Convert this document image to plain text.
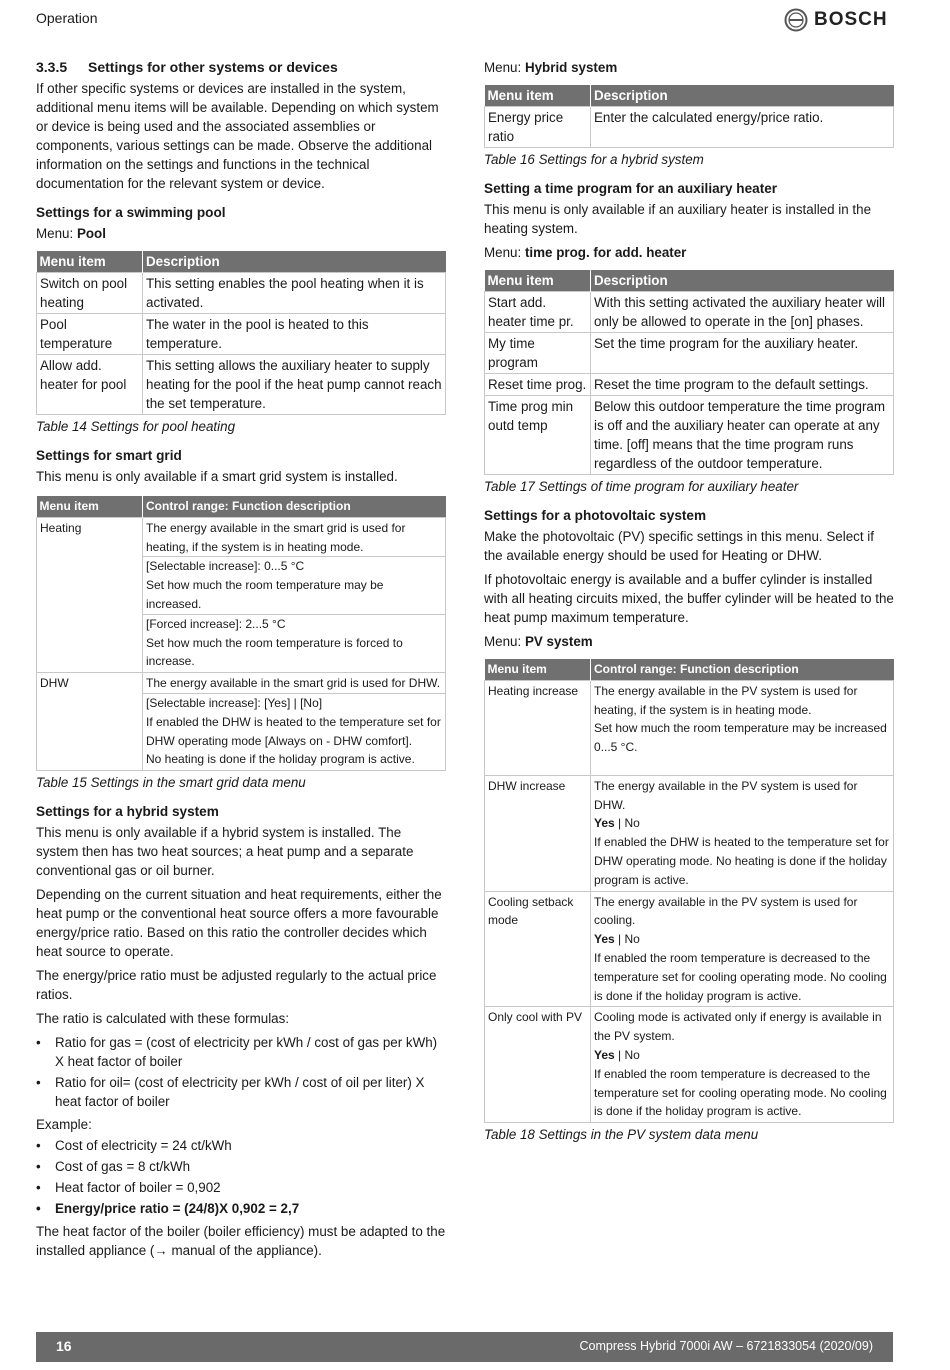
Operation	BOSCH
3.3.5 Settings for other systems or devices

If other specific systems or devices are installed in the system, additional menu items will be available. Depending on which system or device is being used and the associated assemblies or components, various settings can be made. Observe the additional information on the settings and functions in the technical documentation for the relevant system or device.

Settings for a swimming pool

Menu: Pool

Menu item	Description
Switch on pool heating	This setting enables the pool heating when it is activated.
Pool temperature	The water in the pool is heated to this temperature.
Allow add. heater for pool	This setting allows the auxiliary heater to supply heating for the pool if the heat pump cannot reach the set temperature.
Table 14 Settings for pool heating
Settings for smart grid

This menu is only available if a smart grid system is installed.

Menu item	Control range: Function description
Heating	The energy available in the smart grid is used for heating, if the system is in heating mode.
[Selectable increase]: 0...5 °C
Set how much the room temperature may be increased.
[Forced increase]: 2...5 °C
Set how much the room temperature is forced to increase.

DHW	The energy available in the smart grid is used for DHW.
[Selectable increase]: [Yes] | [No]
If enabled the DHW is heated to the temperature set for DHW operating mode [Always on - DHW comfort].
No heating is done if the holiday program is active.
Table 15 Settings in the smart grid data menu
Settings for a hybrid system

This menu is only available if a hybrid system is installed. The system then has two heat sources; a heat pump and a separate conventional gas or oil burner.

Depending on the current situation and heat requirements, either the heat pump or the conventional heat source offers a more favourable energy/price ratio. Based on this ratio the controller decides which heat source to operate.

The energy/price ratio must be adjusted regularly to the actual price ratios.

The ratio is calculated with these formulas:

• Ratio for gas = (cost of electricity per kWh / cost of gas per kWh) X heat factor of boiler
• Ratio for oil= (cost of electricity per kWh / cost of oil per liter) X heat factor of boiler

Example:

• Cost of electricity = 24 ct/kWh
• Cost of gas = 8 ct/kWh
• Heat factor of boiler = 0,902
• Energy/price ratio = (24/8)X 0,902 = 2,7

The heat factor of the boiler (boiler efficiency) must be adapted to the installed appliance (→ manual of the appliance).

Menu: Hybrid system

Menu item	Description
Energy price ratio	Enter the calculated energy/price ratio.
Table 16 Settings for a hybrid system
Setting a time program for an auxiliary heater

This menu is only available if an auxiliary heater is installed in the heating system.

Menu: time prog. for add. heater

Menu item	Description
Start add. heater time pr.	With this setting activated the auxiliary heater will only be allowed to operate in the [on] phases.
My time program	Set the time program for the auxiliary heater.
Reset time prog.	Reset the time program to the default settings.
Time prog min outd temp	Below this outdoor temperature the time program is off and the auxiliary heater can operate at any time. [off] means that the time program runs regardless of the outdoor temperature.
Table 17 Settings of time program for auxiliary heater
Settings for a photovoltaic system

Make the photovoltaic (PV) specific settings in this menu. Select if the available energy should be used for Heating or DHW.

If photovoltaic energy is available and a buffer cylinder is installed with all heating circuits mixed, the buffer cylinder will be heated to the heat pump maximum temperature.

Menu: PV system

Menu item	Control range: Function description
Heating increase	The energy available in the PV system is used for heating, if the system is in heating mode.
Set how much the room temperature may be increased 0...5 °C.

DHW increase	The energy available in the PV system is used for DHW.
Yes | No
If enabled the DHW is heated to the temperature set for DHW operating mode. No heating is done if the holiday program is active.

Cooling setback mode	The energy available in the PV system is used for cooling.
Yes | No
If enabled the room temperature is decreased to the temperature set for cooling operating mode. No cooling is done if the holiday program is active.

Only cool with PV	Cooling mode is activated only if energy is available in the PV system.
Yes | No
If enabled the room temperature is decreased to the temperature set for cooling operating mode. No cooling is done if the holiday program is active.
Table 18 Settings in the PV system data menu
16	Compress Hybrid 7000i AW – 6721833054 (2020/09)
